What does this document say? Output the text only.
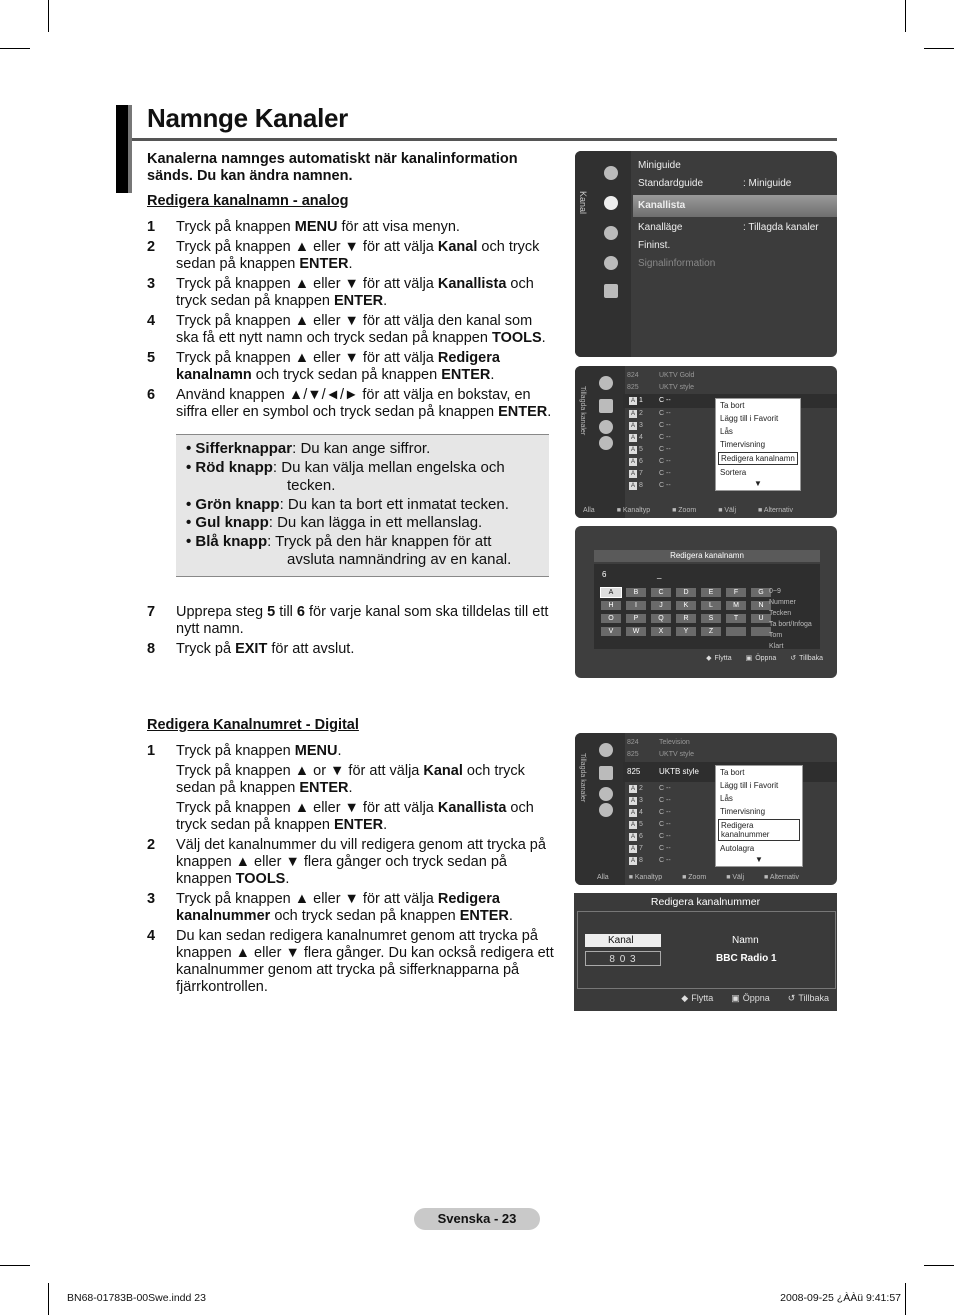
Namnge Kanaler
Kanalerna namnges automatiskt när kanalinformation sänds. Du kan ändra namnen.
Redigera kanalnamn - analog
1 Tryck på knappen MENU för att visa menyn.
2 Tryck på knappen ▲ eller ▼ för att välja Kanal och tryck sedan på knappen ENTER.
3 Tryck på knappen ▲ eller ▼ för att välja Kanallista och tryck sedan på knappen ENTER.
4 Tryck på knappen ▲ eller ▼ för att välja den kanal som ska få ett nytt namn och tryck sedan på knappen TOOLS.
5 Tryck på knappen ▲ eller ▼ för att välja Redigera kanalnamn och tryck sedan på knappen ENTER.
6 Använd knappen ▲/▼/◄/► för att välja en bokstav, en siffra eller en symbol och tryck sedan på knappen ENTER.
• Sifferknappar: Du kan ange siffror.
• Röd knapp: Du kan välja mellan engelska och
tecken.
• Grön knapp: Du kan ta bort ett inmatat tecken.
• Gul knapp: Du kan lägga in ett mellanslag.
• Blå knapp: Tryck på den här knappen för att
avsluta namnändring av en kanal.
7 Upprepa steg 5 till 6 för varje kanal som ska tilldelas till ett nytt namn.
8 Tryck på EXIT för att avslut.
Redigera Kanalnumret - Digital
1 Tryck på knappen MENU.
Tryck på knappen ▲ or ▼ för att välja Kanal och tryck sedan på knappen ENTER.
Tryck på knappen ▲ eller ▼ för att välja Kanallista och tryck sedan på knappen ENTER.
2 Välj det kanalnummer du vill redigera genom att trycka på knappen ▲ eller ▼ flera gånger och tryck sedan på knappen TOOLS.
3 Tryck på knappen ▲ eller ▼ för att välja Redigera kanalnummer och tryck sedan på knappen ENTER.
4 Du kan sedan redigera kanalnumret genom att trycka på knappen ▲ eller ▼ flera gånger. Du kan också redigera ett kanalnummer genom att trycka på sifferknapparna på fjärrkontrollen.
Kanal
Miniguide
Standardguide	: Miniguide
Kanallista
Kanalläge	: Tillagda kanaler
Fininst.
Signalinformation
Tillagda kanaler
824	UKTV Gold
825	UKTV style
A 1 C --
A 2 C --
A 3 C --
A 4 C --
A 5 C --
A 6 C --
A 7 C --
A 8 C --
Ta bort
Lägg till i Favorit
Lås
Timervisning
Redigera kanalnamn
Sortera
▼
Alla	■ Kanaltyp	■ Zoom	■ Välj	■ Alternativ
Redigera kanalnamn
6	_
A	B	C	D	E	F	G
H	I	J	K	L	M	N
O	P	Q	R	S	T	U
V	W	X	Y	Z
0~9
Nummer
Tecken
Ta bort/Infoga
Tom
Klart
◆ Flytta ▣ Öppna ↺ Tillbaka
Tillagda kanaler
824	Television
825	UKTV style
825 UKTB style
A 2 C --
A 3 C --
A 4 C --
A 5 C --
A 6 C --
A 7 C --
A 8 C --
Ta bort
Lägg till i Favorit
Lås
Timervisning
Redigera kanalnummer
Autolagra
▼
Alla	■ Kanaltyp	■ Zoom	■ Välj	■ Alternativ
Redigera kanalnummer
Kanal	Namn
8 0 3	BBC Radio 1
◆ Flytta ▣ Öppna ↺ Tillbaka
Svenska - 23
BN68-01783B-00Swe.indd 23	2008-09-25 ¿ÀÀü 9:41:57
